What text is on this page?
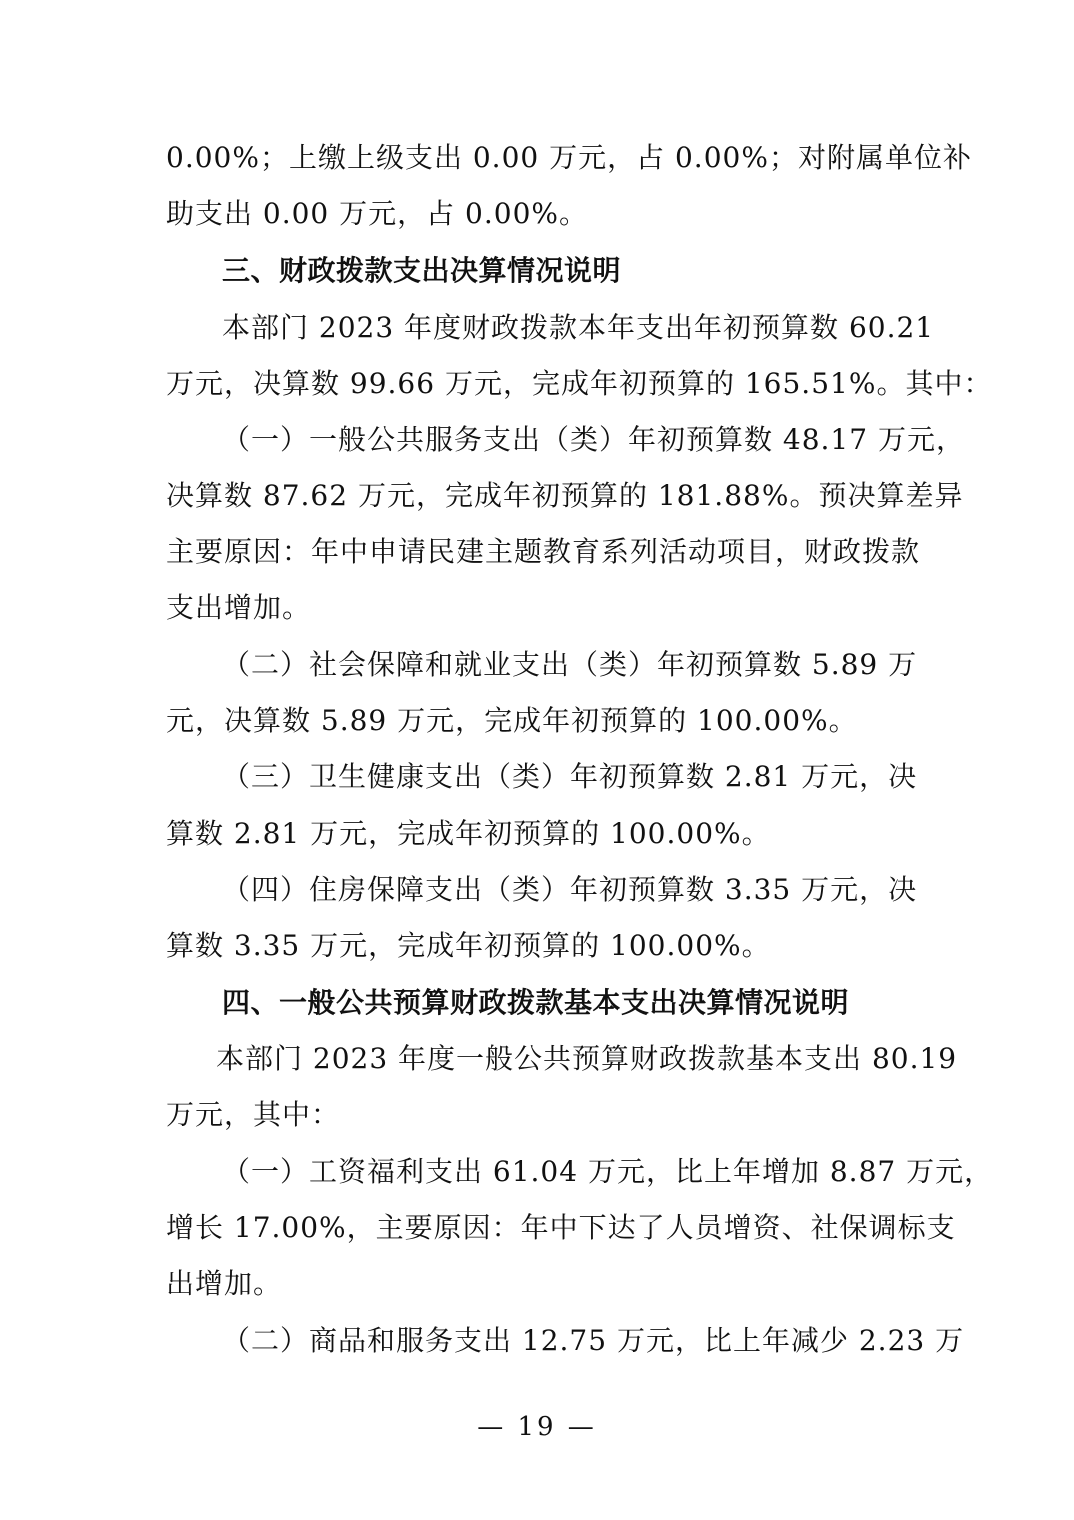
0.00%；上缴上级支出 0.00 万元，占 0.00%；对附属单位补
助支出 0.00 万元，占 0.00%。
三、财政拨款支出决算情况说明
本部门 2023 年度财政拨款本年支出年初预算数 60.21
万元，决算数 99.66 万元，完成年初预算的 165.51%。其中：
（一）一般公共服务支出（类）年初预算数 48.17 万元，
决算数 87.62 万元，完成年初预算的 181.88%。预决算差异
主要原因：年中申请民建主题教育系列活动项目，财政拨款
支出增加。
（二）社会保障和就业支出（类）年初预算数 5.89 万
元，决算数 5.89 万元，完成年初预算的 100.00%。
（三）卫生健康支出（类）年初预算数 2.81 万元，决
算数 2.81 万元，完成年初预算的 100.00%。
（四）住房保障支出（类）年初预算数 3.35 万元，决
算数 3.35 万元，完成年初预算的 100.00%。
四、一般公共预算财政拨款基本支出决算情况说明
本部门 2023 年度一般公共预算财政拨款基本支出 80.19
万元，其中：
（一）工资福利支出 61.04 万元，比上年增加 8.87 万元，
增长 17.00%，主要原因：年中下达了人员增资、社保调标支
出增加。
（二）商品和服务支出 12.75 万元，比上年减少 2.23 万
— 19 —
